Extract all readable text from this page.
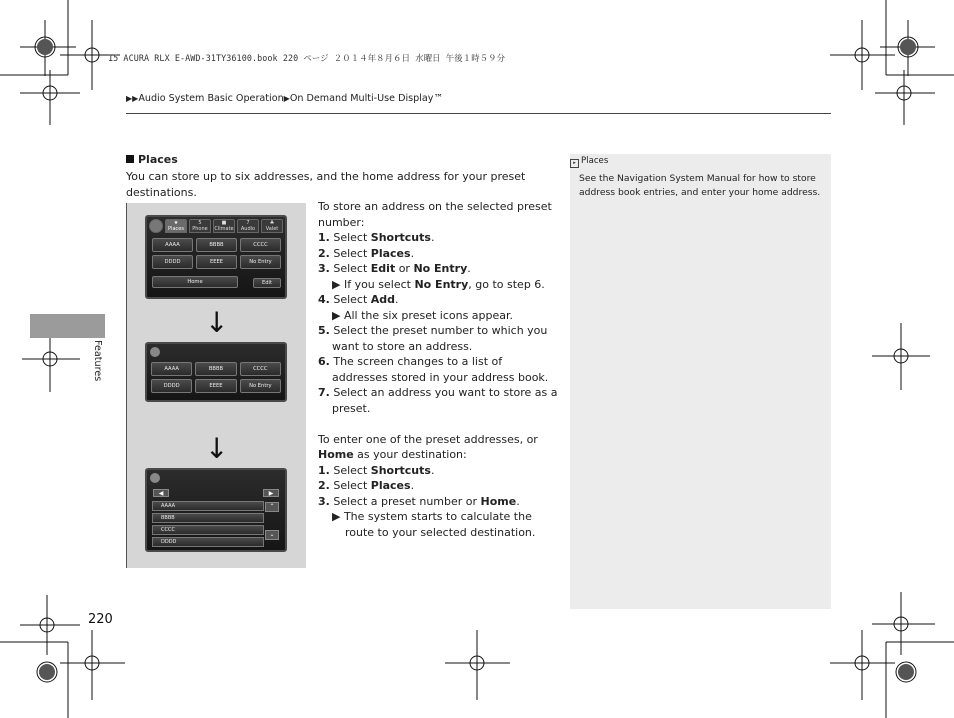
15 ACURA RLX E-AWD-31TY36100.book 220 ページ ２０１４年８月６日 水曜日 午後１時５９分
▶▶Audio System Basic Operation▶On Demand Multi-Use Display™
Features
220
Places
You can store up to six addresses, and the home address for your preset destinations.
★
Places
5
Phone
■
Climate
7
Audio
♣
Valet
AAAA	BBBB	CCCC
DDDD	EEEE	No Entry
Home	Edit
↓
AAAA	BBBB	CCCC
DDDD	EEEE	No Entry
↓
◀	▶
AAAA
BBBB
CCCC
DDDD
⌃
⌄

To store an address on the selected preset number:

1. Select Shortcuts.

2. Select Places.

3. Select Edit or No Entry.

▶ If you select No Entry, go to step 6.

4. Select Add.

▶ All the six preset icons appear.

5. Select the preset number to which you want to store an address.

6. The screen changes to a list of addresses stored in your address book.

7. Select an address you want to store as a preset.

To enter one of the preset addresses, or Home as your destination:

1. Select Shortcuts.

2. Select Places.

3. Select a preset number or Home.

▶ The system starts to calculate the route to your selected destination.

▸ Places
See the Navigation System Manual for how to store address book entries, and enter your home address.
